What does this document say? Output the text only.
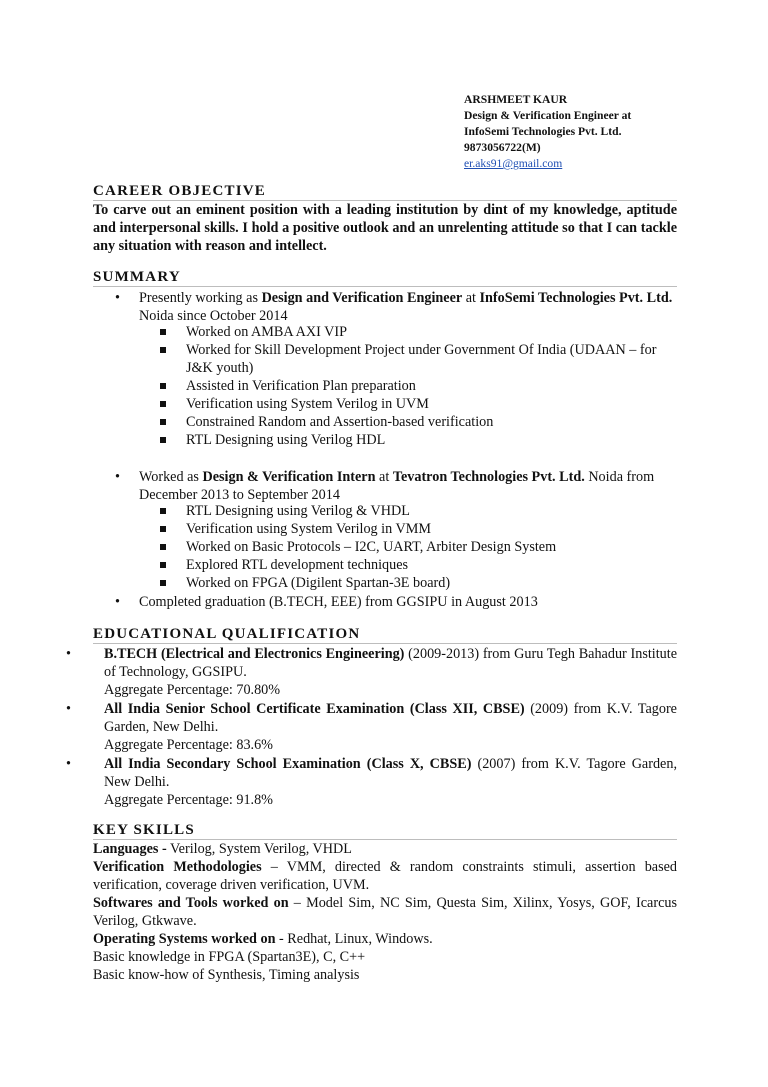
ARSHMEET KAUR
Design & Verification Engineer at
InfoSemi Technologies Pvt. Ltd.
9873056722(M)
er.aks91@gmail.com
CAREER OBJECTIVE
To carve out an eminent position with a leading institution by dint of my knowledge, aptitude and interpersonal skills. I hold a positive outlook and an unrelenting attitude so that I can tackle any situation with reason and intellect.
SUMMARY
• Presently working as Design and Verification Engineer at InfoSemi Technologies Pvt. Ltd. Noida since October 2014
Worked on AMBA AXI VIP
Worked for Skill Development Project under Government Of India (UDAAN – for J&K youth)
Assisted in Verification Plan preparation
Verification using System Verilog in UVM
Constrained Random and Assertion-based verification
RTL Designing using Verilog HDL
• Worked as Design & Verification Intern at Tevatron Technologies Pvt. Ltd. Noida from December 2013 to September 2014
RTL Designing using Verilog & VHDL
Verification using System Verilog in VMM
Worked on Basic Protocols – I2C, UART, Arbiter Design System
Explored RTL development techniques
Worked on FPGA (Digilent Spartan-3E board)
• Completed graduation (B.TECH, EEE) from GGSIPU in August 2013
EDUCATIONAL QUALIFICATION
• B.TECH (Electrical and Electronics Engineering) (2009-2013) from Guru Tegh Bahadur Institute of Technology, GGSIPU.
Aggregate Percentage: 70.80%
• All India Senior School Certificate Examination (Class XII, CBSE) (2009) from K.V. Tagore Garden, New Delhi.
Aggregate Percentage: 83.6%
• All India Secondary School Examination (Class X, CBSE) (2007) from K.V. Tagore Garden, New Delhi.
Aggregate Percentage: 91.8%
KEY SKILLS
Languages - Verilog, System Verilog, VHDL
Verification Methodologies – VMM, directed & random constraints stimuli, assertion based verification, coverage driven verification, UVM.
Softwares and Tools worked on – Model Sim, NC Sim, Questa Sim, Xilinx, Yosys, GOF, Icarcus Verilog, Gtkwave.
Operating Systems worked on - Redhat, Linux, Windows.
Basic knowledge in FPGA (Spartan3E), C, C++
Basic know-how of Synthesis, Timing analysis
